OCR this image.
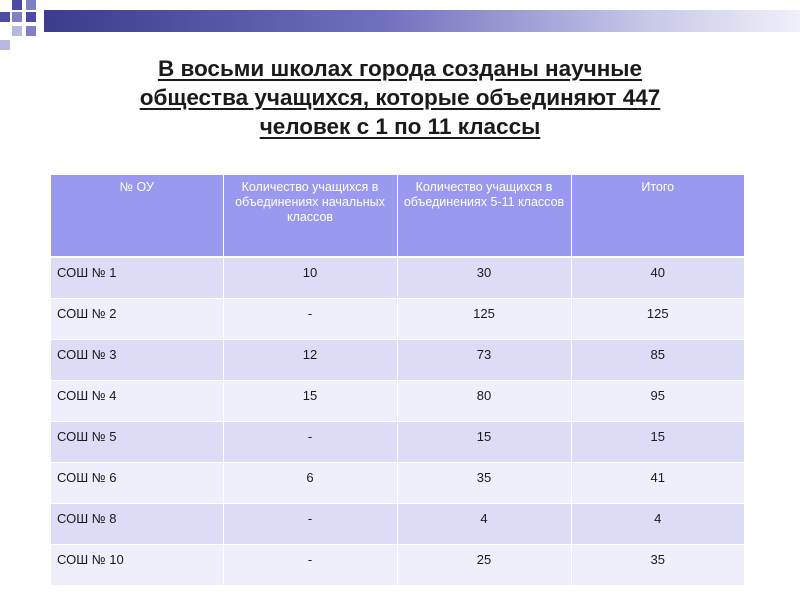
В восьми школах города созданы научные
общества учащихся, которые объединяют 447
человек с 1 по 11 классы
№ ОУ	Количество учащихся в объединениях начальных классов	Количество учащихся в объединениях 5-11 классов	Итого
СОШ № 1	10	30	40
СОШ № 2	-	125	125
СОШ № 3	12	73	85
СОШ № 4	15	80	95
СОШ № 5	-	15	15
СОШ № 6	6	35	41
СОШ № 8	-	4	4
СОШ № 10	-	25	35
